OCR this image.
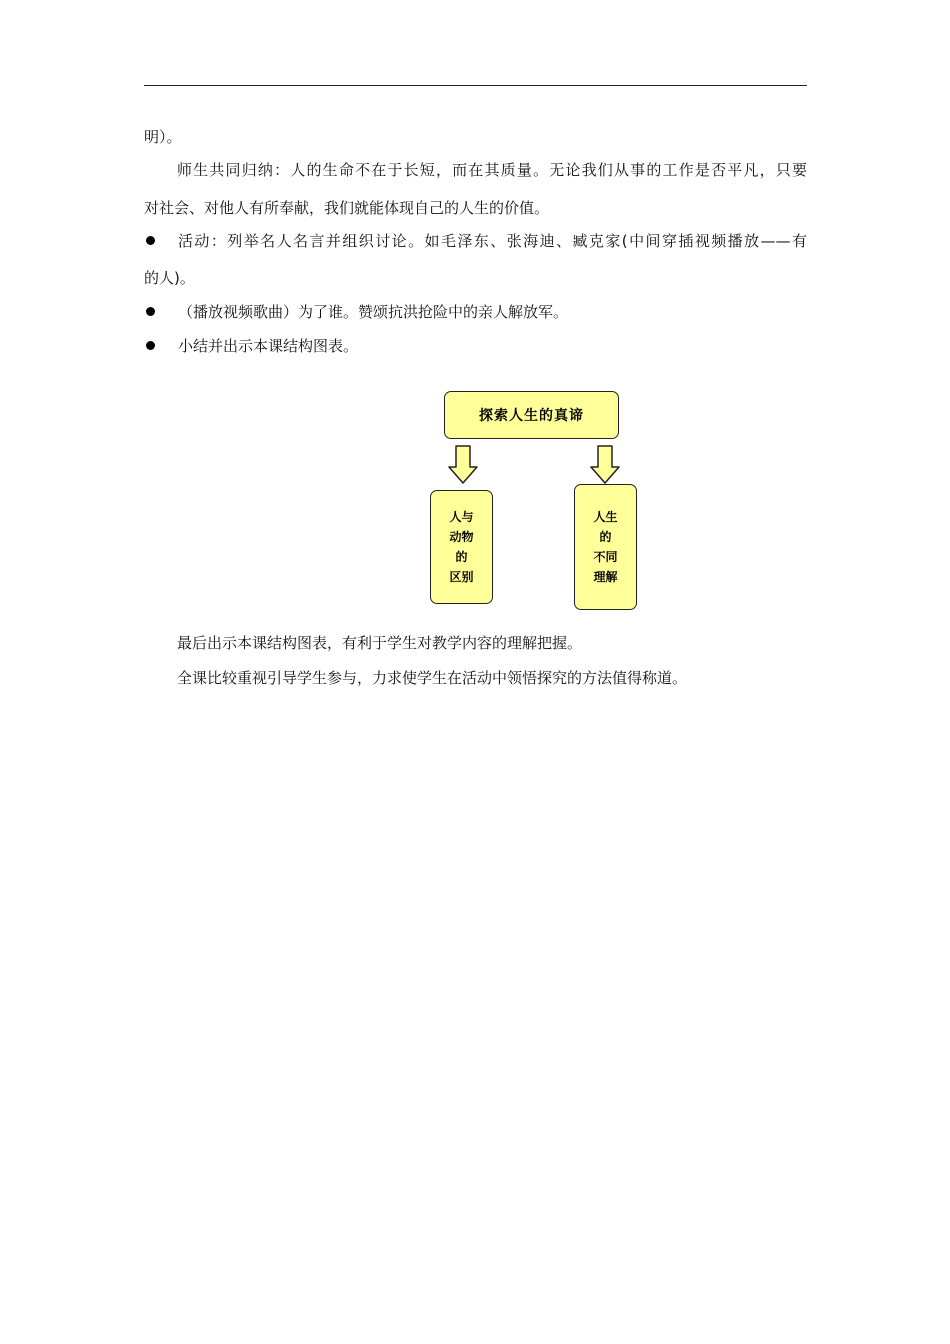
明）。
师生共同归纳：人的生命不在于长短，而在其质量。无论我们从事的工作是否平凡，只要
对社会、对他人有所奉献，我们就能体现自己的人生的价值。
活动：列举名人名言并组织讨论。如毛泽东、张海迪、臧克家(中间穿插视频播放——有
的人)。
（播放视频歌曲）为了谁。赞颂抗洪抢险中的亲人解放军。
小结并出示本课结构图表。
探索人生的真谛
人与
动物
的
区别
人生
的
不同
理解
最后出示本课结构图表，有利于学生对教学内容的理解把握。
全课比较重视引导学生参与，力求使学生在活动中领悟探究的方法值得称道。
